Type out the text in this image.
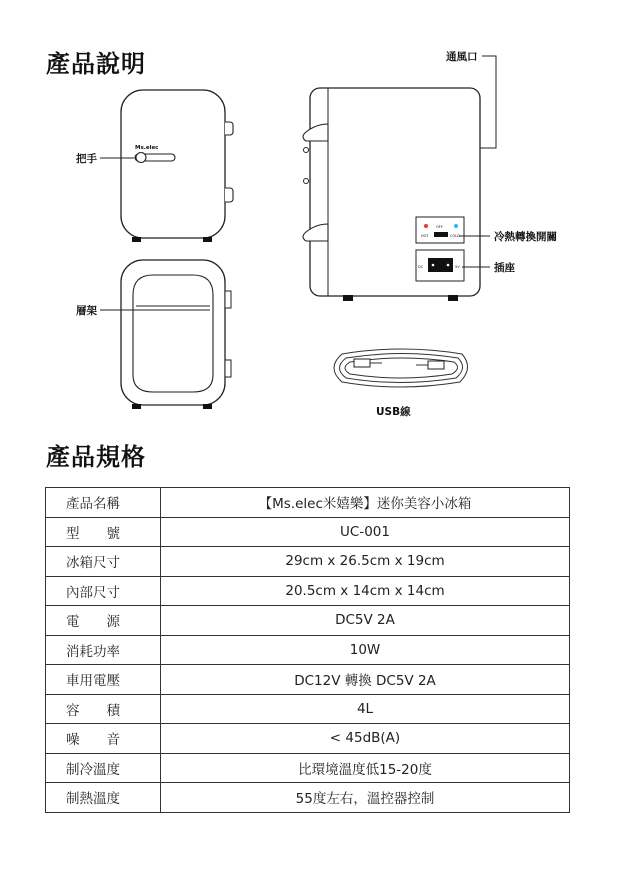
產品說明
Ms.elec
OFF
HOT	COLD
DC	5V
通風口
把手
層架
冷熱轉換開關
插座
USB線
產品規格
產品名稱	【Ms.elec米嬉樂】迷你美容小冰箱
型　　號	UC-001
冰箱尺寸	29cm x 26.5cm x 19cm
內部尺寸	20.5cm x 14cm x 14cm
電　　源	DC5V 2A
消耗功率	10W
車用電壓	DC12V 轉換 DC5V 2A
容　　積	4L
噪　　音	< 45dB(A)
制冷溫度	比環境溫度低15-20度
制熱溫度	55度左右，溫控器控制
